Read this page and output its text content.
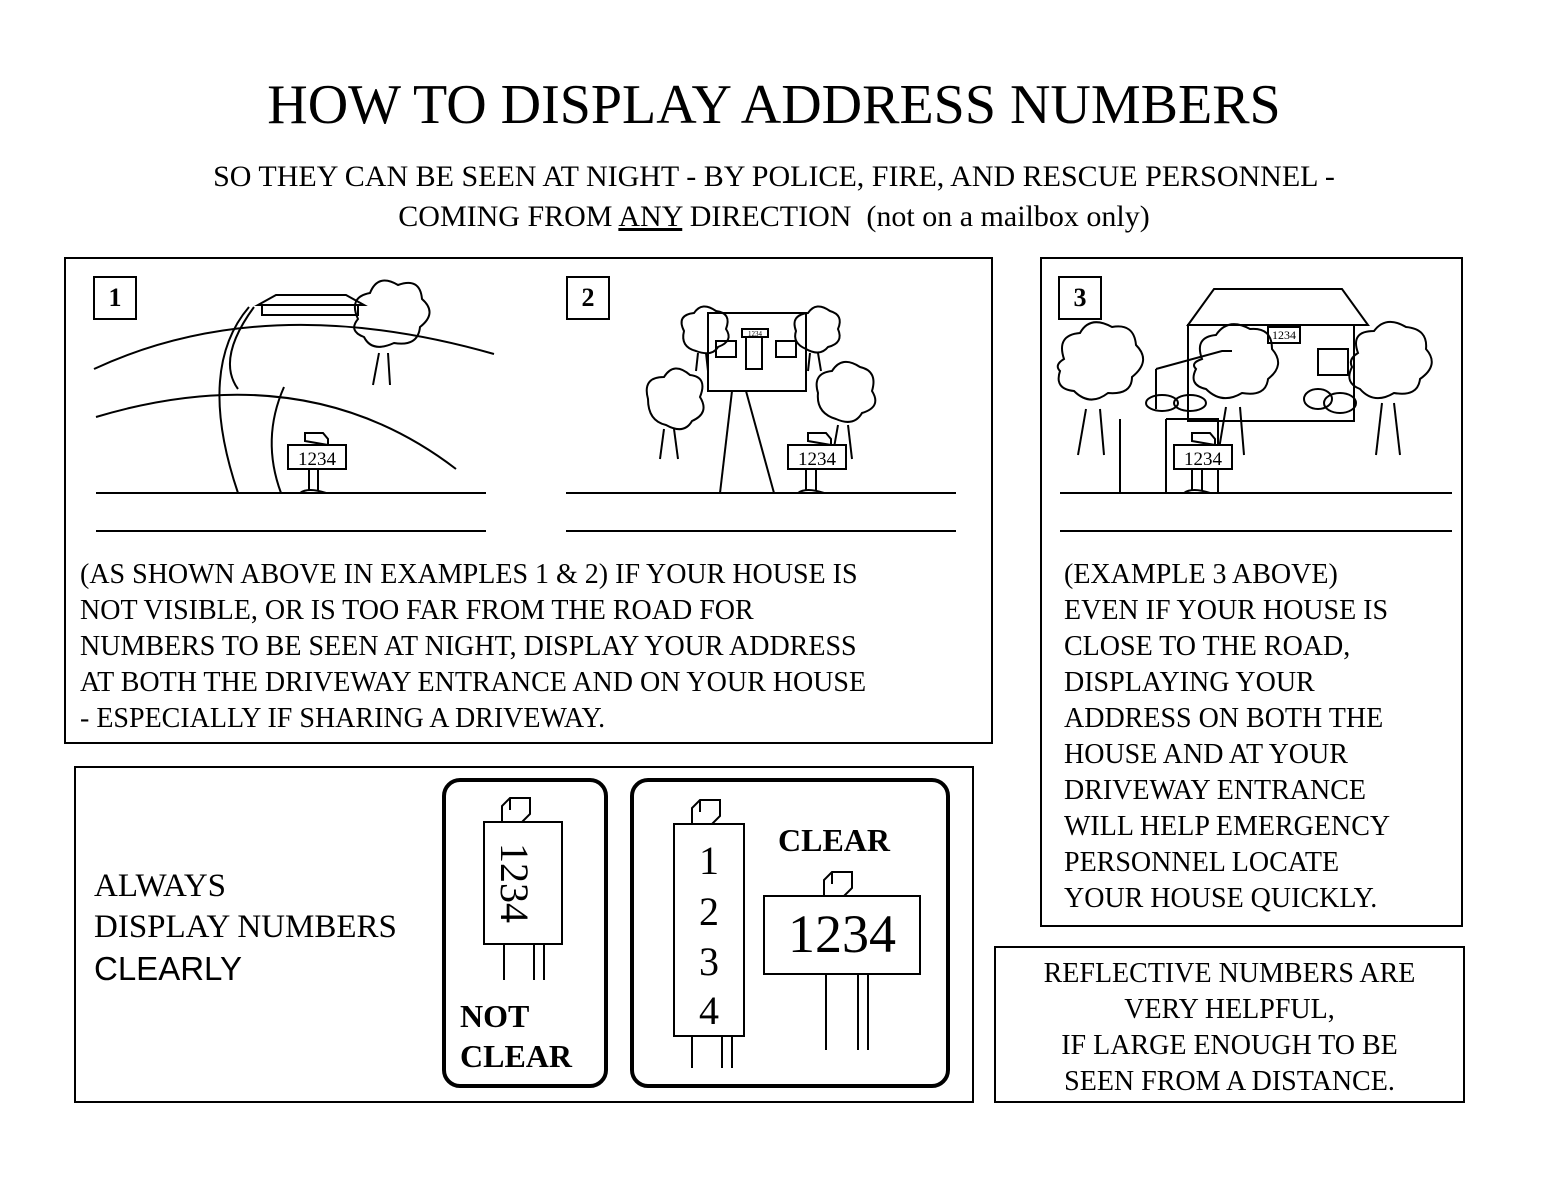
HOW TO DISPLAY ADDRESS NUMBERS
SO THEY CAN BE SEEN AT NIGHT - BY POLICE, FIRE, AND RESCUE PERSONNEL -
COMING FROM ANY DIRECTION (not on a mailbox only)
1	2
1234	1234
1234
(AS SHOWN ABOVE IN EXAMPLES 1 & 2) IF YOUR HOUSE IS
NOT VISIBLE, OR IS TOO FAR FROM THE ROAD FOR
NUMBERS TO BE SEEN AT NIGHT, DISPLAY YOUR ADDRESS
AT BOTH THE DRIVEWAY ENTRANCE AND ON YOUR HOUSE
- ESPECIALLY IF SHARING A DRIVEWAY.
3
1234
1234
(EXAMPLE 3 ABOVE)
EVEN IF YOUR HOUSE IS
CLOSE TO THE ROAD,
DISPLAYING YOUR
ADDRESS ON BOTH THE
HOUSE AND AT YOUR
DRIVEWAY ENTRANCE
WILL HELP EMERGENCY
PERSONNEL LOCATE
YOUR HOUSE QUICKLY.
ALWAYS
DISPLAY NUMBERS
CLEARLY
1234
NOT
CLEAR
CLEAR
1
2
3
4
1234
REFLECTIVE NUMBERS ARE
VERY HELPFUL,
IF LARGE ENOUGH TO BE
SEEN FROM A DISTANCE.
